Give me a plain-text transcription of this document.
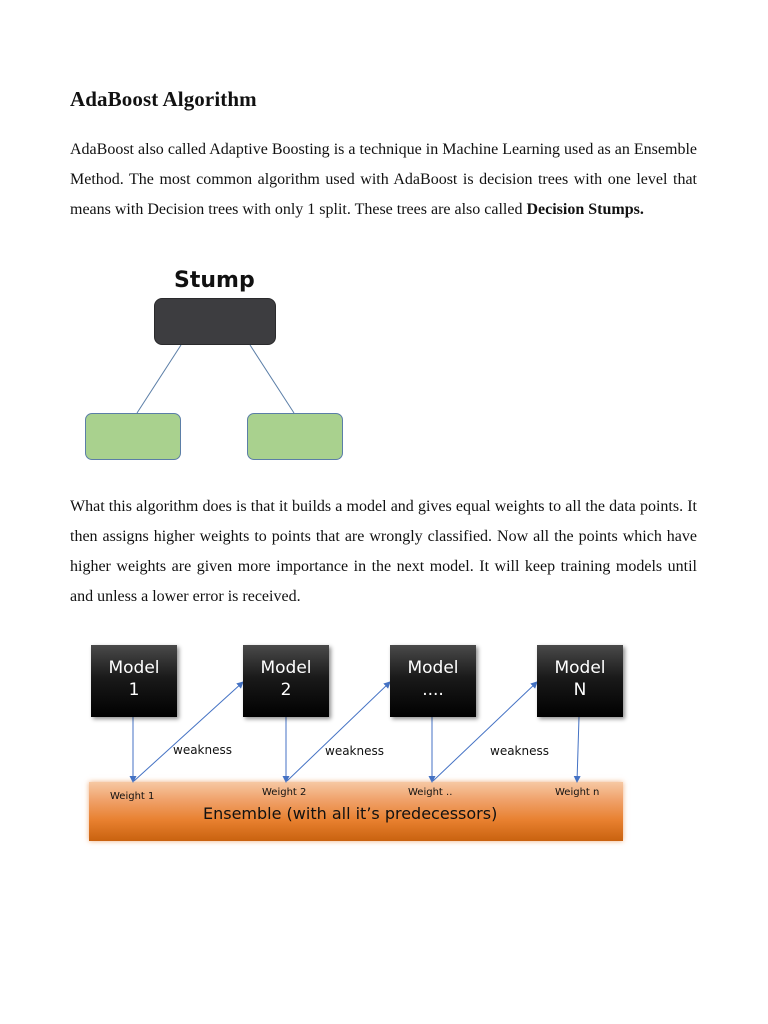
AdaBoost Algorithm

AdaBoost also called Adaptive Boosting is a technique in Machine Learning used as an Ensemble Method. The most common algorithm used with AdaBoost is decision trees with one level that means with Decision trees with only 1 split. These trees are also called Decision Stumps.

Stump

What this algorithm does is that it builds a model and gives equal weights to all the data points. It then assigns higher weights to points that are wrongly classified. Now all the points which have higher weights are given more importance in the next model. It will keep training models until and unless a lower error is received.

Model
1
Model
2
Model
....
Model
N
weakness	weakness	weakness
Weight 1	Weight 2	Weight ..	Weight n
Ensemble (with all it’s predecessors)
